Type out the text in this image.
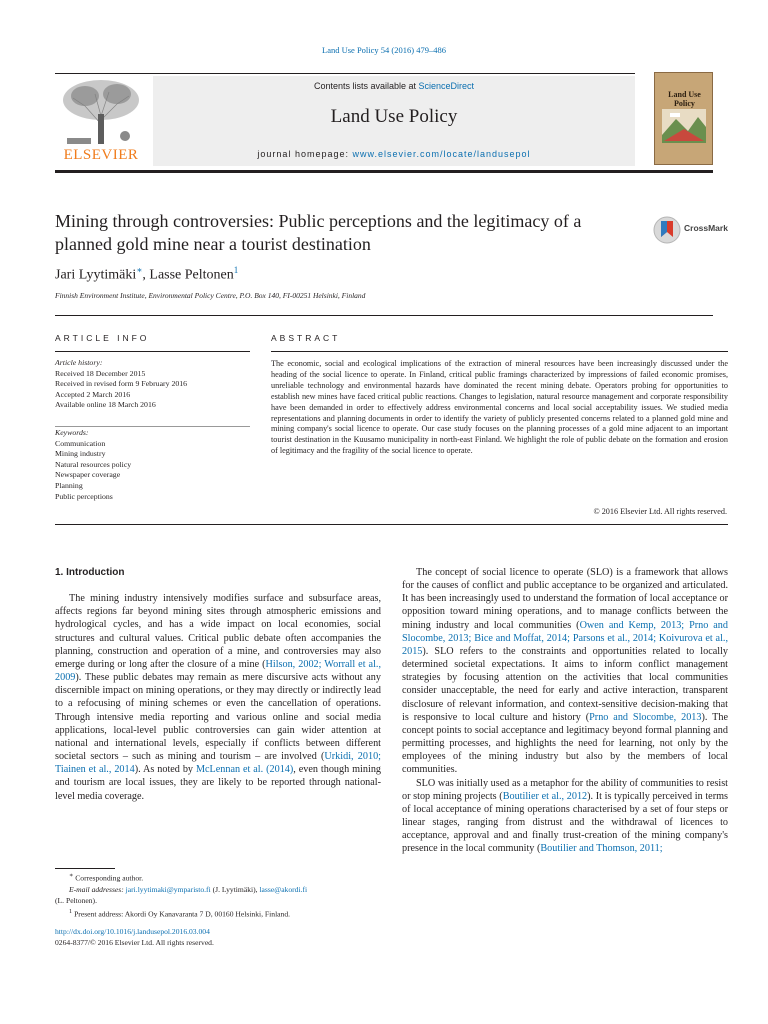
Land Use Policy 54 (2016) 479–486
ELSEVIER
Contents lists available at ScienceDirect
Land Use Policy
journal homepage: www.elsevier.com/locate/landusepol
Land Use Policy
Mining through controversies: Public perceptions and the legitimacy of a planned gold mine near a tourist destination
CrossMark
Jari Lyytimäki∗, Lasse Peltonen$^1$
Finnish Environment Institute, Environmental Policy Centre, P.O. Box 140, FI-00251 Helsinki, Finland
ARTICLE INFO	ABSTRACT
Article history:
Received 18 December 2015
Received in revised form 9 February 2016
Accepted 2 March 2016
Available online 18 March 2016
Keywords:
Communication
Mining industry
Natural resources policy
Newspaper coverage
Planning
Public perceptions
The economic, social and ecological implications of the extraction of mineral resources have been increasingly discussed under the heading of the social licence to operate. In Finland, critical public framings characterized by impressions of failed economic promises, unreliable technology and environmental hazards have dominated the recent mining debate. Operators probing for opportunities to establish new mines have faced critical public reactions. Changes to legislation, natural resource management and corporate responsibility have been demanded in order to effectively address environmental concerns and local social acceptability issues. We studied media representations and planning documents in order to identify the variety of publicly presented concerns related to a planned gold mine and mining company's social licence to operate. Our case study focuses on the planning processes of a gold mine adjacent to an important tourist destination in the Kuusamo municipality in north-east Finland. We highlight the role of public debate on the formation and erosion of legitimacy and the fragility of the social licence to operate.
© 2016 Elsevier Ltd. All rights reserved.
1. Introduction

The mining industry intensively modifies surface and subsurface areas, affects regions far beyond mining sites through atmospheric emissions and hydrological cycles, and has a wide impact on local economies, social structures and cultural values. Critical public debate often accompanies the planning, construction and operation of a mine, and controversies may also emerge during or long after the closure of a mine (Hilson, 2002; Worrall et al., 2009). These public debates may remain as mere discursive acts without any discernible impact on mining operations, or they may directly or indirectly lead to a refocusing of mining schemes or even the cancellation of operations. Through intensive media reporting and various online and social media applications, local-level public controversies can gain wider attention at national and international levels, especially if conflicts between different societal sectors – such as mining and tourism – are involved (Urkidi, 2010; Tiainen et al., 2014). As noted by McLennan et al. (2014), even though mining and tourism are local issues, they are likely to be reported through national-level media coverage.

The concept of social licence to operate (SLO) is a framework that allows for the causes of conflict and public acceptance to be organized and articulated. It has been increasingly used to understand the formation of local acceptance or opposition toward mining operations, and to manage conflicts between the mining industry and local communities (Owen and Kemp, 2013; Prno and Slocombe, 2013; Bice and Moffat, 2014; Parsons et al., 2014; Koivurova et al., 2015). SLO refers to the constraints and opportunities related to locally determined societal expectations. It aims to inform conflict management strategies by focusing attention on the activities that local communities consider unacceptable, the need for early and active interaction, transparent disclosure of relevant information, and context-sensitive decision-making that is responsive to local culture and history (Prno and Slocombe, 2013). The concept points to social acceptance and legitimacy beyond formal planning and permitting processes, and highlights the need for learning, not only by the employees of the mining industry but also by the members of local communities.

SLO was initially used as a metaphor for the ability of communities to resist or stop mining projects (Boutilier et al., 2012). It is typically perceived in terms of local acceptance of mining operations characterised by a set of four steps or linear stages, ranging from distrust and the withdrawal of licences to acceptance, approval and and finally trust-creation of the mining company's presence in the local community (Boutilier and Thomson, 2011;

∗ Corresponding author.
E-mail addresses: jari.lyytimaki@ymparisto.fi (J. Lyytimäki), lasse@akordi.fi
(L. Peltonen).
$^1$ Present address: Akordi Oy Kanavaranta 7 D, 00160 Helsinki, Finland.
http://dx.doi.org/10.1016/j.landusepol.2016.03.004
0264-8377/© 2016 Elsevier Ltd. All rights reserved.
